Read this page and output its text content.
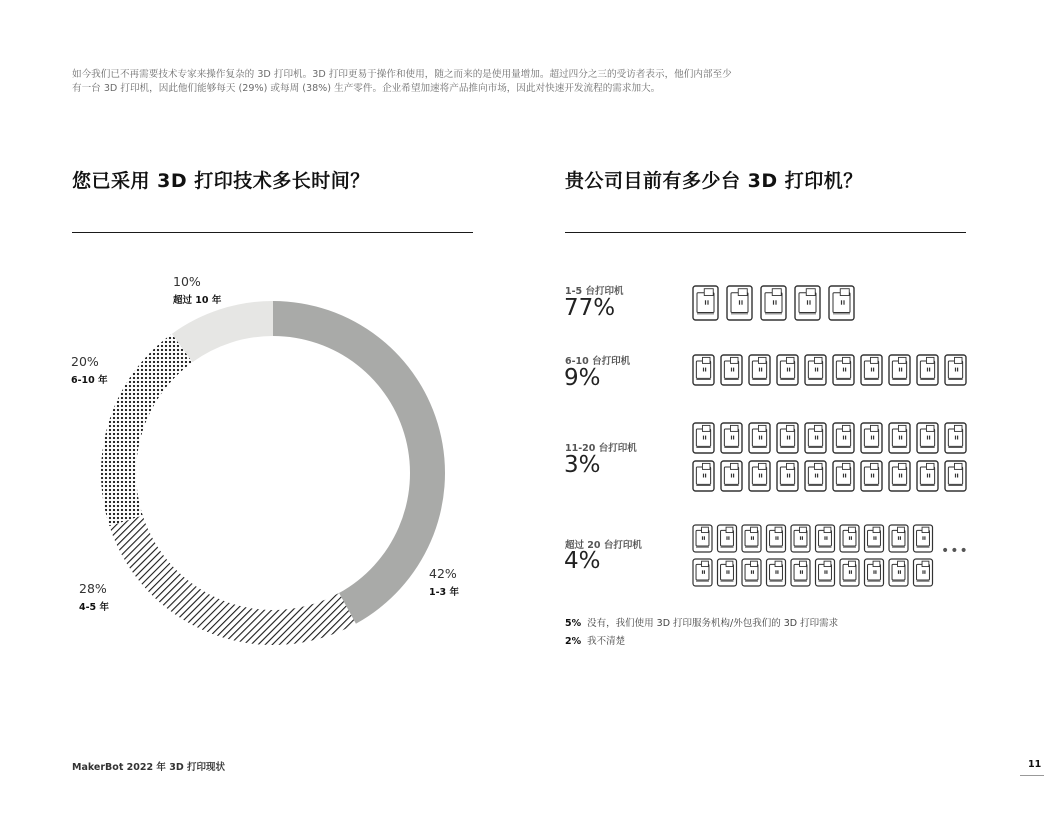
如今我们已不再需要技术专家来操作复杂的 3D 打印机。3D 打印更易于操作和使用，随之而来的是使用量增加。超过四分之三的受访者表示，他们内部至少
有一台 3D 打印机，因此他们能够每天 (29%) 或每周 (38%) 生产零件。企业希望加速将产品推向市场，因此对快速开发流程的需求加大。
您已采用 3D 打印技术多长时间？
42%
1-3 年
28%
4-5 年
20%
6-10 年
10%
超过 10 年
贵公司目前有多少台 3D 打印机？
1-5 台打印机
77%
6-10 台打印机
9%
11-20 台打印机
3%
超过 20 台打印机
4%	•••
5% 没有，我们使用 3D 打印服务机构/外包我们的 3D 打印需求
2% 我不清楚
MakerBot 2022 年 3D 打印现状	11
